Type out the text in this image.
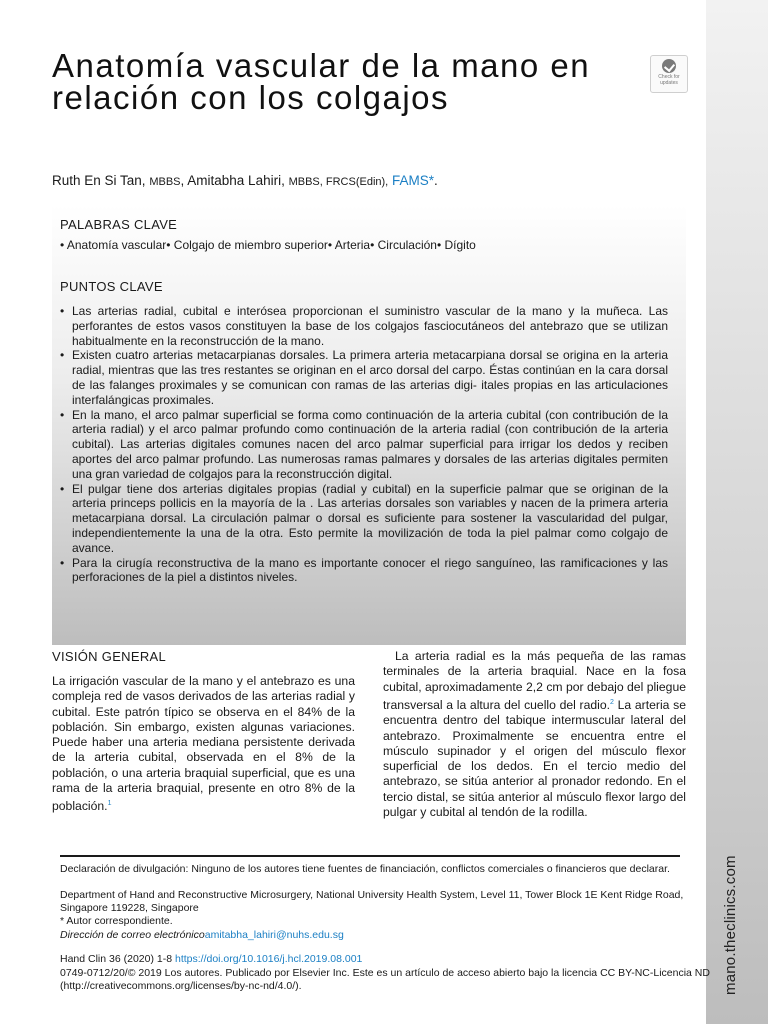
mano.theclinics.com
Anatomía vascular de la mano en relación con los colgajos
Check for
updates
Ruth En Si Tan, MBBS, Amitabha Lahiri, MBBS, FRCS(Edin), FAMS*.
PALABRAS CLAVE
• Anatomía vascular• Colgajo de miembro superior• Arteria• Circulación• Dígito
PUNTOS CLAVE
• Las arterias radial, cubital e interósea proporcionan el suministro vascular de la mano y la muñeca. Las perforantes de estos vasos constituyen la base de los colgajos fasciocutáneos del antebrazo que se utilizan habitualmente en la reconstrucción de la mano.
• Existen cuatro arterias metacarpianas dorsales. La primera arteria metacarpiana dorsal se origina en la arteria radial, mientras que las tres restantes se originan en el arco dorsal del carpo. Éstas continúan en la cara dorsal de las falanges proximales y se comunican con ramas de las arterias digi- itales propias en las articulaciones interfalángicas proximales.
• En la mano, el arco palmar superficial se forma como continuación de la arteria cubital (con contribución de la arteria radial) y el arco palmar profundo como continuación de la arteria radial (con contribución de la arteria cubital). Las arterias digitales comunes nacen del arco palmar superficial para irrigar los dedos y reciben aportes del arco palmar profundo. Las numerosas ramas palmares y dorsales de las arterias digitales permiten una gran variedad de colgajos para la reconstrucción digital.
• El pulgar tiene dos arterias digitales propias (radial y cubital) en la superficie palmar que se originan de la arteria princeps pollicis en la mayoría de la . Las arterias dorsales son variables y nacen de la primera arteria metacarpiana dorsal. La circulación palmar o dorsal es suficiente para sostener la vascularidad del pulgar, independientemente la una de la otra. Esto permite la movilización de toda la piel palmar como colgajo de avance.
• Para la cirugía reconstructiva de la mano es importante conocer el riego sanguíneo, las ramificaciones y las perforaciones de la piel a distintos niveles.
VISIÓN GENERAL

La irrigación vascular de la mano y el antebrazo es una compleja red de vasos derivados de las arterias radial y cubital. Este patrón típico se observa en el 84% de la población. Sin embargo, existen algunas variaciones. Puede haber una arteria mediana persistente derivada de la arteria cubital, observada en el 8% de la población, o una arteria braquial superficial, que es una rama de la arteria braquial, presente en otro 8% de la población.$^1$

La arteria radial es la más pequeña de las ramas terminales de la arteria braquial. Nace en la fosa cubital, aproximadamente 2,2 cm por debajo del pliegue transversal a la altura del cuello del radio.$^2$ La arteria se encuentra dentro del tabique intermuscular lateral del antebrazo. Proximalmente se encuentra entre el músculo supinador y el origen del músculo flexor superficial de los dedos. En el tercio medio del antebrazo, se sitúa anterior al pronador redondo. En el tercio distal, se sitúa anterior al músculo flexor largo del pulgar y cubital al tendón de la rodilla.

Declaración de divulgación: Ninguno de los autores tiene fuentes de financiación, conflictos comerciales o financieros que declarar.

Department of Hand and Reconstructive Microsurgery, National University Health System, Level 11, Tower Block 1E Kent Ridge Road, Singapore 119228, Singapore

* Autor correspondiente.

Dirección de correo electrónicoamitabha_lahiri@nuhs.edu.sg

Hand Clin 36 (2020) 1-8 https://doi.org/10.1016/j.hcl.2019.08.001

0749-0712/20/© 2019 Los autores. Publicado por Elsevier Inc. Este es un artículo de acceso abierto bajo la licencia CC BY-NC-Licencia ND (http://creativecommons.org/licenses/by-nc-nd/4.0/).
